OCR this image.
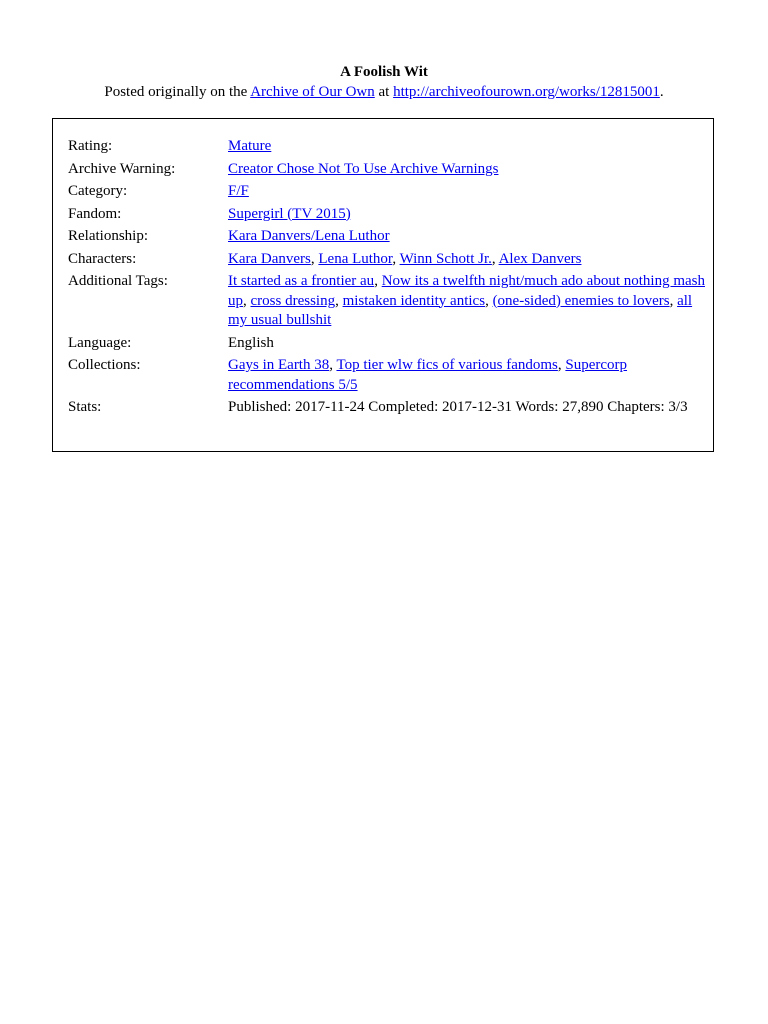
A Foolish Wit
Posted originally on the Archive of Our Own at http://archiveofourown.org/works/12815001.
Rating:	Mature
Archive Warning:	Creator Chose Not To Use Archive Warnings
Category:	F/F
Fandom:	Supergirl (TV 2015)
Relationship:	Kara Danvers/Lena Luthor
Characters:	Kara Danvers, Lena Luthor, Winn Schott Jr., Alex Danvers
Additional Tags:	It started as a frontier au, Now its a twelfth night/much ado about nothing mash up, cross dressing, mistaken identity antics, (one-sided) enemies to lovers, all my usual bullshit
Language:	English
Collections:	Gays in Earth 38, Top tier wlw fics of various fandoms, Supercorp recommendations 5/5
Stats:	Published: 2017-11-24 Completed: 2017-12-31 Words: 27,890 Chapters: 3/3
